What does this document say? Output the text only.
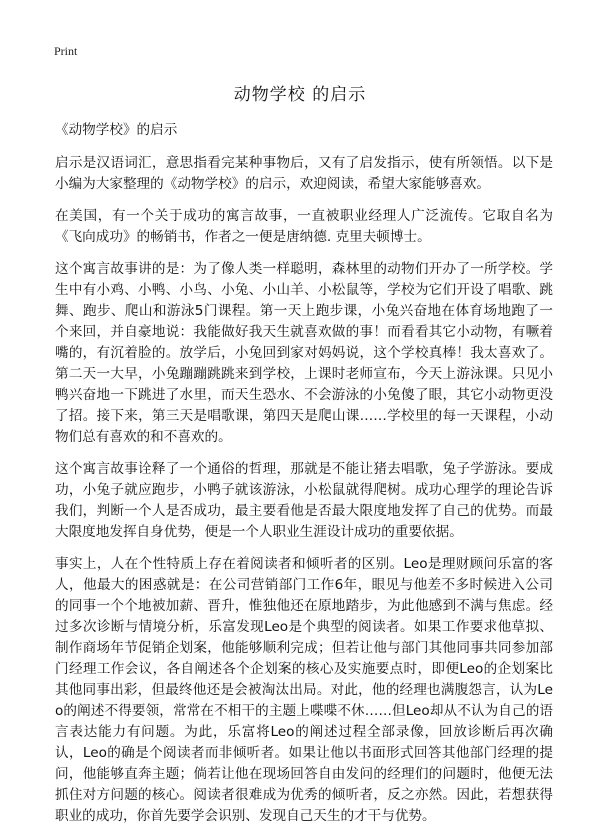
Print
动物学校 的启示

《动物学校》的启示

启示是汉语词汇，意思指看完某种事物后，又有了启发指示，使有所领悟。以下是小编为大家整理的《动物学校》的启示，欢迎阅读，希望大家能够喜欢。

在美国，有一个关于成功的寓言故事，一直被职业经理人广泛流传。它取自名为《飞向成功》的畅销书，作者之一便是唐纳德. 克里夫顿博士。

这个寓言故事讲的是：为了像人类一样聪明，森林里的动物们开办了一所学校。学生中有小鸡、小鸭、小鸟、小兔、小山羊、小松鼠等，学校为它们开设了唱歌、跳舞、跑步、爬山和游泳5门课程。第一天上跑步课，小兔兴奋地在体育场地跑了一个来回，并自豪地说：我能做好我天生就喜欢做的事！而看看其它小动物，有噘着嘴的，有沉着脸的。放学后，小兔回到家对妈妈说，这个学校真棒！我太喜欢了。第二天一大早，小兔蹦蹦跳跳来到学校，上课时老师宣布，今天上游泳课。只见小鸭兴奋地一下跳进了水里，而天生恐水、不会游泳的小兔傻了眼，其它小动物更没了招。接下来，第三天是唱歌课，第四天是爬山课……学校里的每一天课程，小动物们总有喜欢的和不喜欢的。

这个寓言故事诠释了一个通俗的哲理，那就是不能让猪去唱歌，兔子学游泳。要成功，小兔子就应跑步，小鸭子就该游泳，小松鼠就得爬树。成功心理学的理论告诉我们，判断一个人是否成功，最主要看他是否最大限度地发挥了自己的优势。而最大限度地发挥自身优势，便是一个人职业生涯设计成功的重要依据。

事实上，人在个性特质上存在着阅读者和倾听者的区别。Leo是理财顾问乐富的客人，他最大的困惑就是：在公司营销部门工作6年，眼见与他差不多时候进入公司的同事一个个地被加薪、晋升，惟独他还在原地踏步，为此他感到不满与焦虑。经过多次诊断与情境分析，乐富发现Leo是个典型的阅读者。如果工作要求他草拟、制作商场年节促销企划案，他能够顺利完成；但若让他与部门其他同事共同参加部门经理工作会议，各自阐述各个企划案的核心及实施要点时，即便Leo的企划案比其他同事出彩，但最终他还是会被淘汰出局。对此，他的经理也满腹怨言，认为Leo的阐述不得要领，常常在不相干的主题上喋喋不休……但Leo却从不认为自己的语言表达能力有问题。为此，乐富将Leo的阐述过程全部录像，回放诊断后再次确认，Leo的确是个阅读者而非倾听者。如果让他以书面形式回答其他部门经理的提问，他能够直奔主题；倘若让他在现场回答自由发问的经理们的问题时，他便无法抓住对方问题的核心。阅读者很难成为优秀的倾听者，反之亦然。因此，若想获得职业的成功，你首先要学会识别、发现自己天生的才干与优势。
